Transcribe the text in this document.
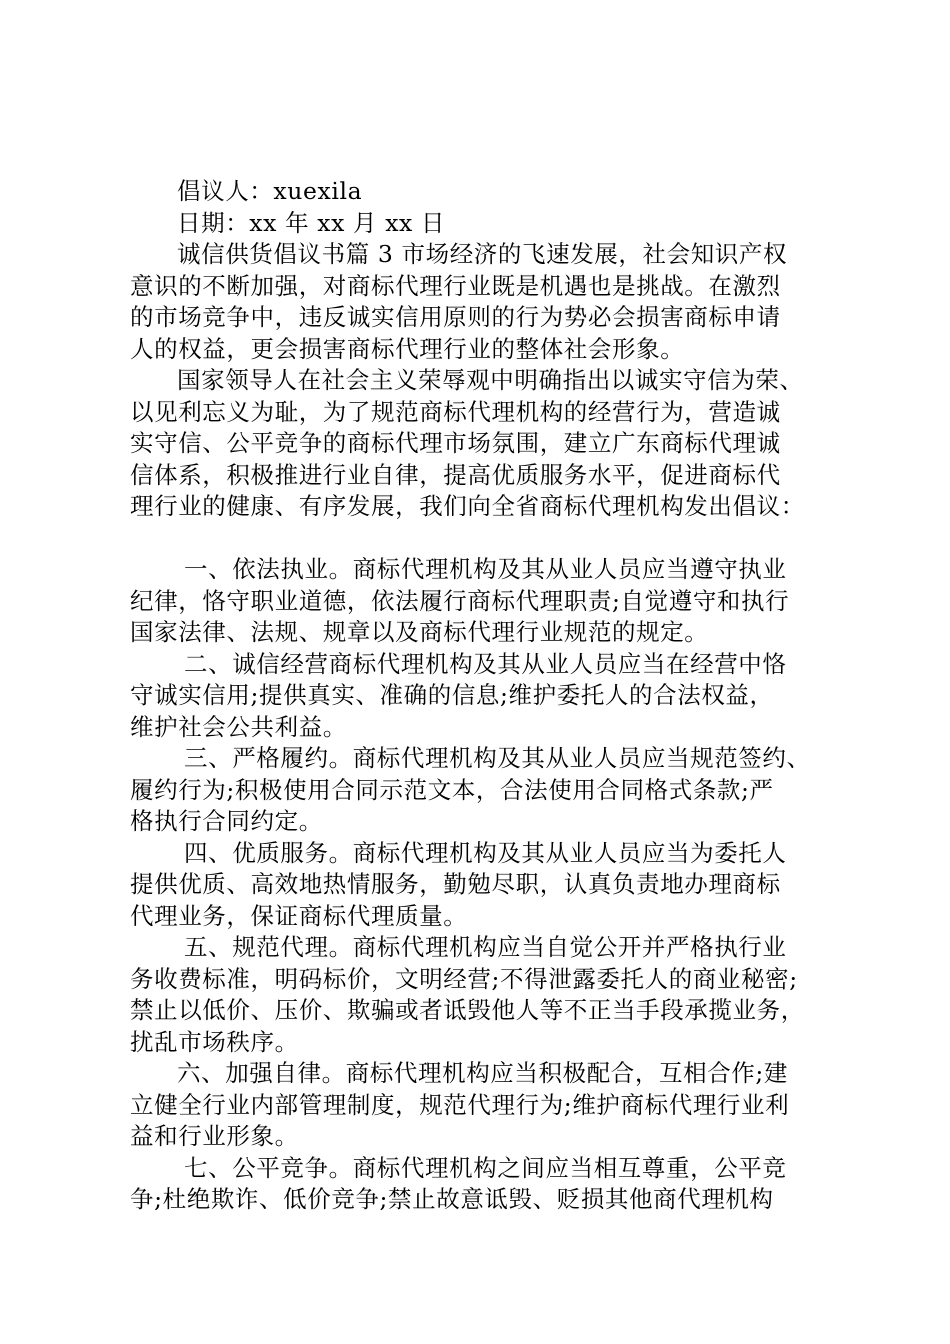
倡议人：xuexila
日期：xx 年 xx 月 xx 日
诚信供货倡议书篇 3 市场经济的飞速发展，社会知识产权
意识的不断加强，对商标代理行业既是机遇也是挑战。在激烈
的市场竞争中，违反诚实信用原则的行为势必会损害商标申请
人的权益，更会损害商标代理行业的整体社会形象。
国家领导人在社会主义荣辱观中明确指出以诚实守信为荣、
以见利忘义为耻，为了规范商标代理机构的经营行为，营造诚
实守信、公平竞争的商标代理市场氛围，建立广东商标代理诚
信体系，积极推进行业自律，提高优质服务水平，促进商标代
理行业的健康、有序发展，我们向全省商标代理机构发出倡议：
一、依法执业。商标代理机构及其从业人员应当遵守执业
纪律，恪守职业道德，依法履行商标代理职责;自觉遵守和执行
国家法律、法规、规章以及商标代理行业规范的规定。
二、诚信经营商标代理机构及其从业人员应当在经营中恪
守诚实信用;提供真实、准确的信息;维护委托人的合法权益，
维护社会公共利益。
三、严格履约。商标代理机构及其从业人员应当规范签约、
履约行为;积极使用合同示范文本，合法使用合同格式条款;严
格执行合同约定。
四、优质服务。商标代理机构及其从业人员应当为委托人
提供优质、高效地热情服务，勤勉尽职，认真负责地办理商标
代理业务，保证商标代理质量。
五、规范代理。商标代理机构应当自觉公开并严格执行业
务收费标准，明码标价，文明经营;不得泄露委托人的商业秘密;
禁止以低价、压价、欺骗或者诋毁他人等不正当手段承揽业务，
扰乱市场秩序。
六、加强自律。商标代理机构应当积极配合，互相合作;建
立健全行业内部管理制度，规范代理行为;维护商标代理行业利
益和行业形象。
七、公平竞争。商标代理机构之间应当相互尊重，公平竞
争;杜绝欺诈、低价竞争;禁止故意诋毁、贬损其他商代理机构
